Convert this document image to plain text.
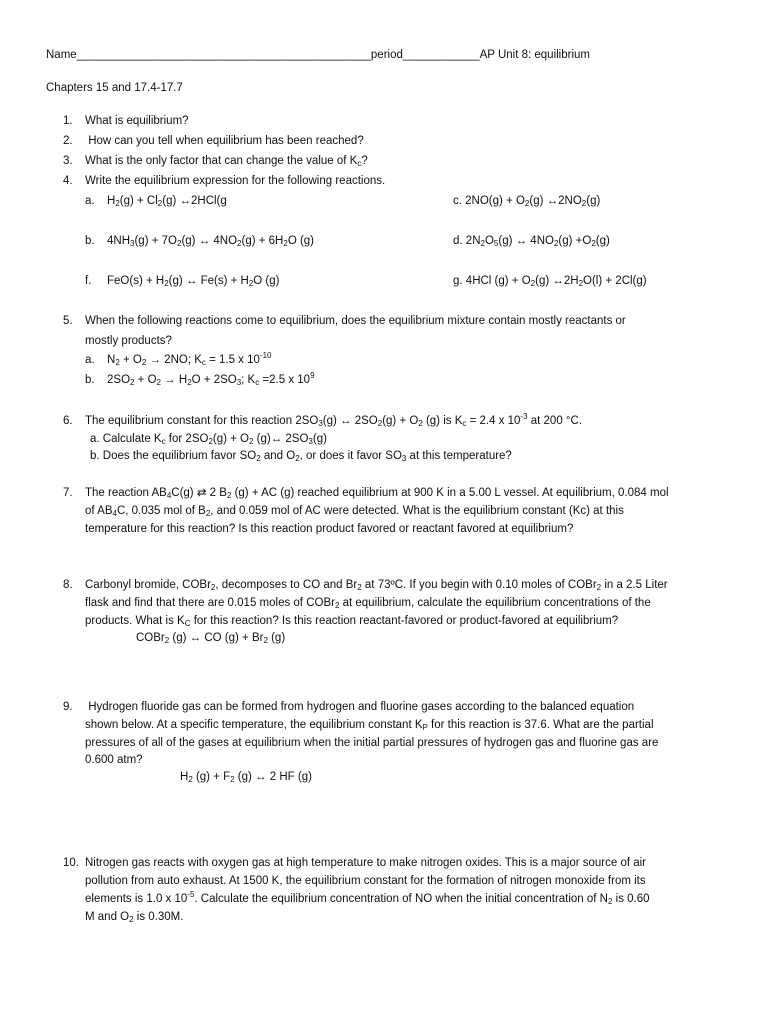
Name______________________________________________period____________AP Unit 8: equilibrium
Chapters 15 and 17.4-17.7
1. What is equilibrium?
2. How can you tell when equilibrium has been reached?
3. What is the only factor that can change the value of $K_c$?
4. Write the equilibrium expression for the following reactions.
a. $H_2(g) + Cl_2(g)$ ↔2HCl(g	c. $2NO(g) + O_2(g)$ $\leftrightarrow 2NO_2(g)$
b. $4NH_3(g) + 7O_2(g)$ ↔ $4NO_2(g) + 6H_2O$ (g)	d. $2N_2O_5(g)$ ↔ $4NO_2(g) +O_2(g)$
f. $FeO(s) + H_2(g)$ ↔ $Fe(s) + H_2O$ (g)	g. 4HCl $(g) + O_2(g)$ $\leftrightarrow 2H_2O(l) + 2Cl(g)$
5. When the following reactions come to equilibrium, does the equilibrium mixture contain mostly reactants or
mostly products?
a. $N_2 + O_2 \to 2NO$; $K_c = 1.5$ x $10^{-10}$
b. $2SO_2 + O_2 \to H_2O + 2SO_3$; $K_c =2.5$ x $10^9$
6. The equilibrium constant for this reaction $2SO_3(g)$ ↔ $2SO_2(g) + O_2$ (g) is $K_c = 2.4$ x $10^{-3}$ at 200 °C.
a. Calculate $K_c$ for $2SO_2(g) + O_2$ (g)↔ $2SO_3(g)$
b. Does the equilibrium favor $SO_2$ and $O_2$, or does it favor $SO_3$ at this temperature?
7. The reaction $AB_4C(g)$ ⇄ 2 $B_2$ (g) + AC (g) reached equilibrium at 900 K in a 5.00 L vessel. At equilibrium, 0.084 mol
of $AB_4C$, 0.035 mol of $B_2$, and 0.059 mol of AC were detected. What is the equilibrium constant (Kc) at this
temperature for this reaction? Is this reaction product favored or reactant favored at equilibrium?
8. Carbonyl bromide, COBr$_2$, decomposes to CO and $Br_2$ at 73ºC. If you begin with 0.10 moles of COBr$_2$ in a 2.5 Liter
flask and find that there are 0.015 moles of COBr$_2$ at equilibrium, calculate the equilibrium concentrations of the
products. What is $K_C$ for this reaction? Is this reaction reactant-favored or product-favored at equilibrium?
COBr$_2$ (g) ↔ CO $(g) + Br_2$ (g)
9. Hydrogen fluoride gas can be formed from hydrogen and fluorine gases according to the balanced equation
shown below. At a specific temperature, the equilibrium constant $K_P$ for this reaction is 37.6. What are the partial
pressures of all of the gases at equilibrium when the initial partial pressures of hydrogen gas and fluorine gas are
0.600 atm?
$H_2$ $(g) + F_2$ (g) ↔ 2 HF (g)
10. Nitrogen gas reacts with oxygen gas at high temperature to make nitrogen oxides. This is a major source of air
pollution from auto exhaust. At 1500 K, the equilibrium constant for the formation of nitrogen monoxide from its
elements is 1.0 x $10^{-5}$. Calculate the equilibrium concentration of NO when the initial concentration of $N_2$ is 0.60
M and $O_2$ is 0.30M.
